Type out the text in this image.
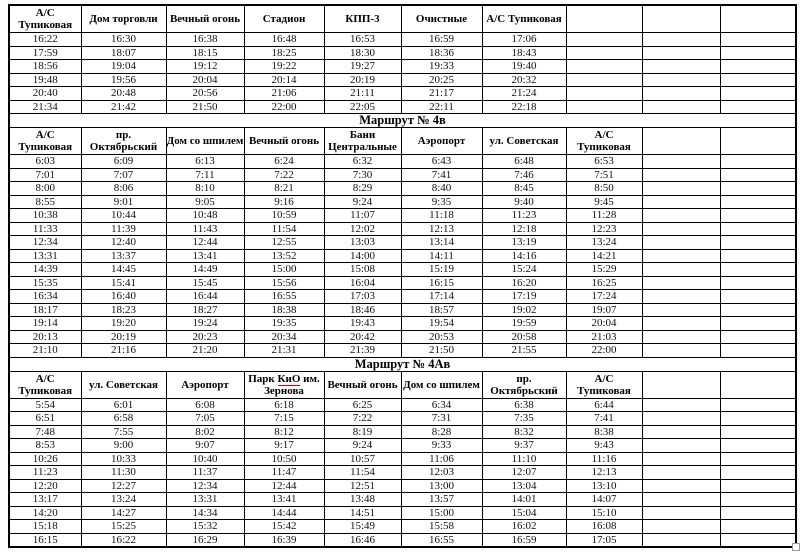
А/С Тупиковая	Дом торговли	Вечный огонь	Стадион	КПП-3	Очистные	А/С Тупиковая			
16:22	16:30	16:38	16:48	16:53	16:59	17:06			
17:59	18:07	18:15	18:25	18:30	18:36	18:43			
18:56	19:04	19:12	19:22	19:27	19:33	19:40			
19:48	19:56	20:04	20:14	20:19	20:25	20:32			
20:40	20:48	20:56	21:06	21:11	21:17	21:24			
21:34	21:42	21:50	22:00	22:05	22:11	22:18			
Маршрут № 4в									
А/С Тупиковая	пр. Октябрьский	Дом со шпилем	Вечный огонь	Бани Центральные	Аэропорт	ул. Советская	А/С Тупиковая		
6:03	6:09	6:13	6:24	6:32	6:43	6:48	6:53		
7:01	7:07	7:11	7:22	7:30	7:41	7:46	7:51		
8:00	8:06	8:10	8:21	8:29	8:40	8:45	8:50		
8:55	9:01	9:05	9:16	9:24	9:35	9:40	9:45		
10:38	10:44	10:48	10:59	11:07	11:18	11:23	11:28		
11:33	11:39	11:43	11:54	12:02	12:13	12:18	12:23		
12:34	12:40	12:44	12:55	13:03	13:14	13:19	13:24		
13:31	13:37	13:41	13:52	14:00	14:11	14:16	14:21		
14:39	14:45	14:49	15:00	15:08	15:19	15:24	15:29		
15:35	15:41	15:45	15:56	16:04	16:15	16:20	16:25		
16:34	16:40	16:44	16:55	17:03	17:14	17:19	17:24		
18:17	18:23	18:27	18:38	18:46	18:57	19:02	19:07		
19:14	19:20	19:24	19:35	19:43	19:54	19:59	20:04		
20:13	20:19	20:23	20:34	20:42	20:53	20:58	21:03		
21:10	21:16	21:20	21:31	21:39	21:50	21:55	22:00		
Маршрут № 4Ав									
А/С Тупиковая	ул. Советская	Аэропорт	Парк КиО им. Зернова	Вечный огонь	Дом со шпилем	пр. Октябрьский	А/С Тупиковая		
5:54	6:01	6:08	6:18	6:25	6:34	6:38	6:44		
6:51	6:58	7:05	7:15	7:22	7:31	7:35	7:41		
7:48	7:55	8:02	8:12	8:19	8:28	8:32	8:38		
8:53	9:00	9:07	9:17	9:24	9:33	9:37	9:43		
10:26	10:33	10:40	10:50	10:57	11:06	11:10	11:16		
11:23	11:30	11:37	11:47	11:54	12:03	12:07	12:13		
12:20	12:27	12:34	12:44	12:51	13:00	13:04	13:10		
13:17	13:24	13:31	13:41	13:48	13:57	14:01	14:07		
14:20	14:27	14:34	14:44	14:51	15:00	15:04	15:10		
15:18	15:25	15:32	15:42	15:49	15:58	16:02	16:08		
16:15	16:22	16:29	16:39	16:46	16:55	16:59	17:05		
